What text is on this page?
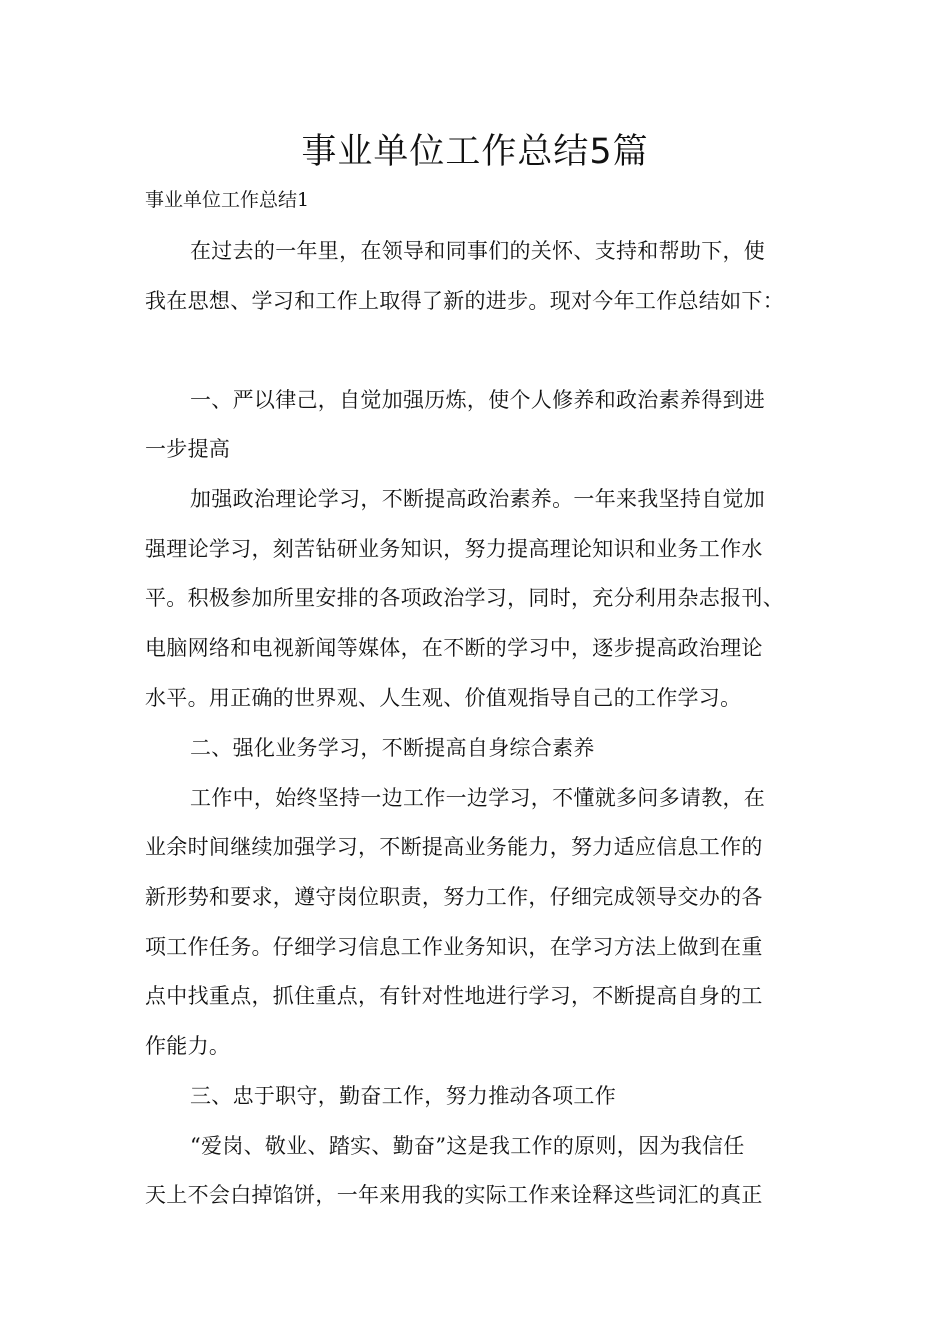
事业单位工作总结5篇

事业单位工作总结1

在过去的一年里，在领导和同事们的关怀、支持和帮助下，使

我在思想、学习和工作上取得了新的进步。现对今年工作总结如下：

一、严以律己，自觉加强历炼，使个人修养和政治素养得到进

一步提高

加强政治理论学习，不断提高政治素养。一年来我坚持自觉加

强理论学习，刻苦钻研业务知识，努力提高理论知识和业务工作水

平。积极参加所里安排的各项政治学习，同时，充分利用杂志报刊、

电脑网络和电视新闻等媒体，在不断的学习中，逐步提高政治理论

水平。用正确的世界观、人生观、价值观指导自己的工作学习。

二、强化业务学习，不断提高自身综合素养

工作中，始终坚持一边工作一边学习，不懂就多问多请教，在

业余时间继续加强学习，不断提高业务能力，努力适应信息工作的

新形势和要求，遵守岗位职责，努力工作，仔细完成领导交办的各

项工作任务。仔细学习信息工作业务知识，在学习方法上做到在重

点中找重点，抓住重点，有针对性地进行学习，不断提高自身的工

作能力。

三、忠于职守，勤奋工作，努力推动各项工作

“爱岗、敬业、踏实、勤奋”这是我工作的原则，因为我信任

天上不会白掉馅饼，一年来用我的实际工作来诠释这些词汇的真正
